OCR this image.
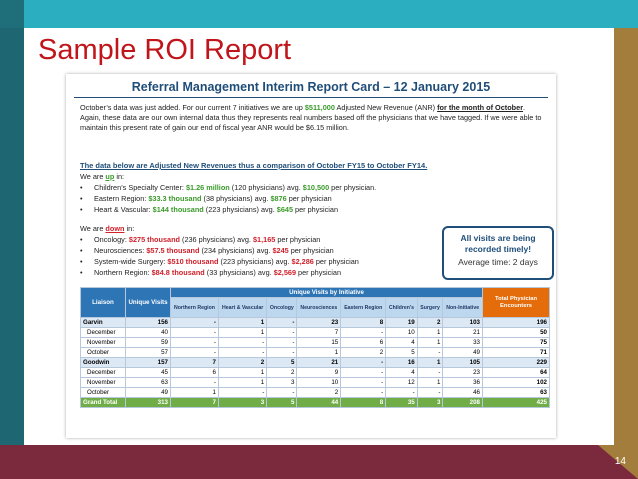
Sample ROI Report
14
Referral Management Interim Report Card – 12 January 2015
October’s data was just added. For our current 7 initiatives we are up $511,000 Adjusted New Revenue (ANR) for the month of October. Again, these data are our own internal data thus they represents real numbers based off the physicians that we have tagged. If we were able to maintain this present rate of gain our end of fiscal year ANR would be $6.15 million.
The data below are Adjusted New Revenues thus a comparison of October FY15 to October FY14.
We are up in:
• Children’s Specialty Center: $1.26 million (120 physicians) avg. $10,500 per physician.
• Eastern Region: $33.3 thousand (38 physicians) avg. $876 per physician
• Heart & Vascular: $144 thousand (223 physicians) avg. $645 per physician
We are down in:
• Oncology: $275 thousand (236 physicians) avg. $1,165 per physician
• Neurosciences: $57.5 thousand (234 physicians) avg. $245 per physician
• System-wide Surgery: $510 thousand (223 physicians) avg. $2,286 per physician
• Northern Region: $84.8 thousand (33 physicians) avg. $2,569 per physician
All visits are being
recorded timely!
Average time: 2 days
Liaison	Unique Visits	Unique Visits by Initiative								Total Physician Encounters
		Northern Region	Heart & Vascular	Oncology	Neurosciences	Eastern Region	Children's	Surgery	Non-Initiative	
Garvin	156	-	1	-	23	8	19	2	103	196
December	40	-	1	-	7	-	10	1	21	50
November	59	-	-	-	15	6	4	1	33	75
October	57	-	-	-	1	2	5	-	49	71
Goodwin	157	7	2	5	21	-	16	1	105	229
December	45	6	1	2	9	-	4	-	23	64
November	63	-	1	3	10	-	12	1	36	102
October	49	1	-	-	2	-	-	-	46	63
Grand Total	313	7	3	5	44	8	35	3	208	425
